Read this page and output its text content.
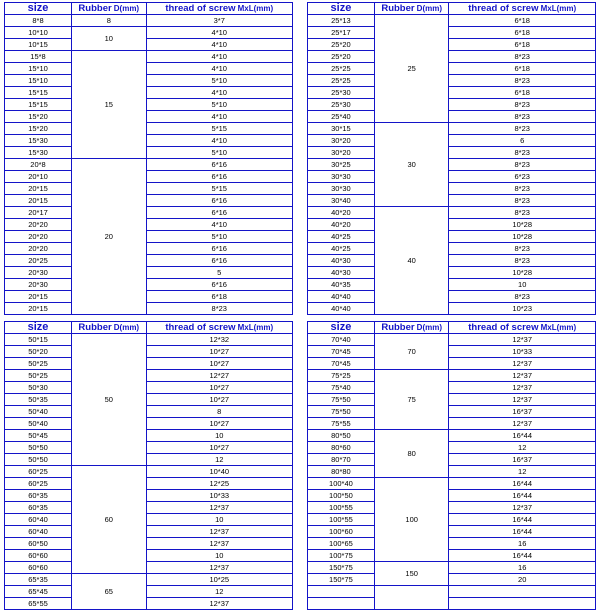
size	Rubber D(mm)	thread of screw MxL(mm)		size	Rubber D(mm)	thread of screw MxL(mm)
8*8	8	3*7		25*13	25	6*18
10*10	10	4*10		25*17		6*18
10*15		4*10		25*20		6*18
15*8	15	4*10		25*20		8*23
15*10		4*10		25*25		6*18
15*10		5*10		25*25		8*23
15*15		4*10		25*30		6*18
15*15		5*10		25*30		8*23
15*20		4*10		25*40		8*23
15*20		5*15		30*15	30	8*23
15*30		4*10		30*20		6
15*30		5*10		30*20		8*23
20*8	20	6*16		30*25		8*23
20*10		6*16		30*30		6*23
20*15		5*15		30*30		8*23
20*15		6*16		30*40		8*23
20*17		6*16		40*20	40	8*23
20*20		4*10		40*20		10*28
20*20		5*10		40*25		10*28
20*20		6*16		40*25		8*23
20*25		6*16		40*30		8*23
20*30		5		40*30		10*28
20*30		6*16		40*35		10
20*15		6*18		40*40		8*23
20*15		8*23		40*40		10*23
size	Rubber D(mm)	thread of screw MxL(mm)		size	Rubber D(mm)	thread of screw MxL(mm)
50*15	50	12*32		70*40	70	12*37
50*20		10*27		70*45		10*33
50*25		10*27		70*45		12*37
50*25		12*27		75*25	75	12*37
50*30		10*27		75*40		12*37
50*35		10*27		75*50		12*37
50*40		8		75*50		16*37
50*40		10*27		75*55		12*37
50*45		10		80*50	80	16*44
50*50		10*27		80*60		12
50*50		12		80*70		16*37
60*25	60	10*40		80*80		12
60*25		12*25		100*40	100	16*44
60*35		10*33		100*50		16*44
60*35		12*37		100*55		12*37
60*40		10		100*55		16*44
60*40		12*37		100*60		16*44
60*50		12*37		100*65		16
60*60		10		100*75		16*44
60*60		12*37		150*75	150	16
65*35	65	10*25		150*75		20
65*45		12				
65*55		12*37				
